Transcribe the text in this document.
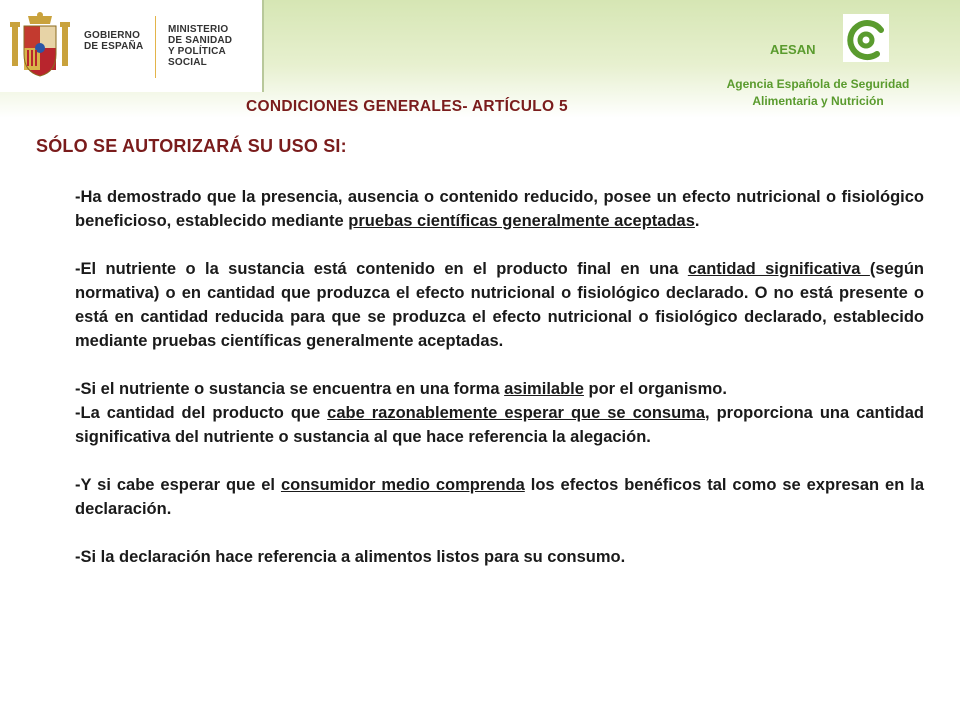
GOBIERNO
DE ESPAÑA
MINISTERIO
DE SANIDAD
Y POLÍTICA SOCIAL
AESAN
Agencia Española de Seguridad
Alimentaria y Nutrición
CONDICIONES GENERALES- ARTÍCULO 5
SÓLO SE AUTORIZARÁ SU USO SI:

-Ha demostrado que la presencia, ausencia o contenido reducido, posee un efecto nutricional o fisiológico beneficioso, establecido mediante pruebas científicas generalmente aceptadas.

-El nutriente o la sustancia está contenido en el producto final en una cantidad significativa (según normativa) o en cantidad que produzca el efecto nutricional o fisiológico declarado. O no está presente o está en cantidad reducida para que se produzca el efecto nutricional o fisiológico declarado, establecido mediante pruebas científicas generalmente aceptadas.

-Si el nutriente o sustancia se encuentra en una forma asimilable por el organismo.

-La cantidad del producto que cabe razonablemente esperar que se consuma, proporciona una cantidad significativa del nutriente o sustancia al que hace referencia la alegación.

-Y si cabe esperar que el consumidor medio comprenda los efectos benéficos tal como se expresan en la declaración.

-Si la declaración hace referencia a alimentos listos para su consumo.
